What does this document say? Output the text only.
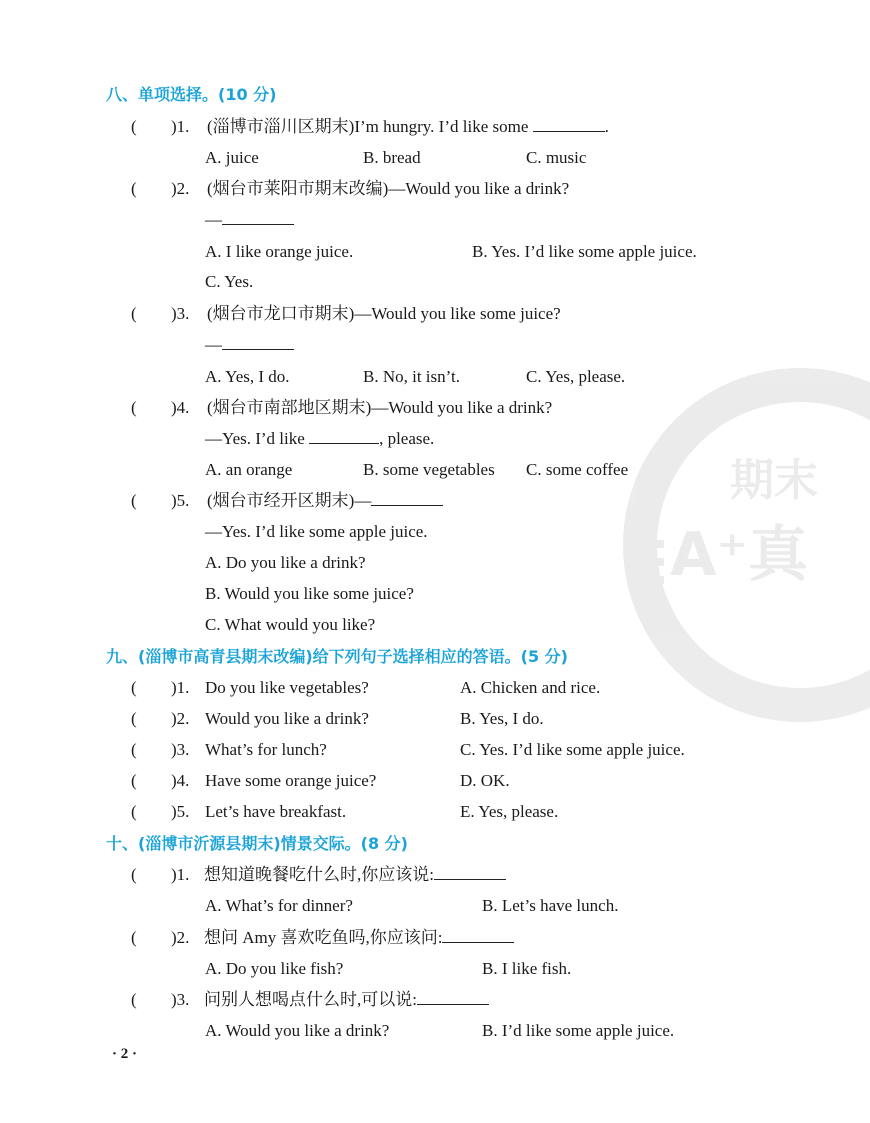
期末
A⁺真
八、单项选择。(10 分)
( )1. (淄博市淄川区期末)I’m hungry. I’d like some	.
A. juice	B. bread	C. music
( )2. (烟台市莱阳市期末改编)—Would you like a drink?
—
A. I like orange juice.	B. Yes. I’d like some apple juice.
C. Yes.
( )3. (烟台市龙口市期末)—Would you like some juice?
—
A. Yes, I do.	B. No, it isn’t.	C. Yes, please.
( )4. (烟台市南部地区期末)—Would you like a drink?
—Yes. I’d like	, please.
A. an orange	B. some vegetables C. some coffee
( )5. (烟台市经开区期末)—
—Yes. I’d like some apple juice.
A. Do you like a drink?
B. Would you like some juice?
C. What would you like?
九、(淄博市高青县期末改编)给下列句子选择相应的答语。(5 分)
( )1. Do you like vegetables?	A. Chicken and rice.
( )2. Would you like a drink?	B. Yes, I do.
( )3. What’s for lunch?	C. Yes. I’d like some apple juice.
( )4. Have some orange juice?	D. OK.
( )5. Let’s have breakfast.	E. Yes, please.
十、(淄博市沂源县期末)情景交际。(8 分)
( )1. 想知道晚餐吃什么时,你应该说:
A. What’s for dinner?	B. Let’s have lunch.
( )2. 想问 Amy 喜欢吃鱼吗,你应该问:
A. Do you like fish?	B. I like fish.
( )3. 问别人想喝点什么时,可以说:
A. Would you like a drink?	B. I’d like some apple juice.
· 2 ·
